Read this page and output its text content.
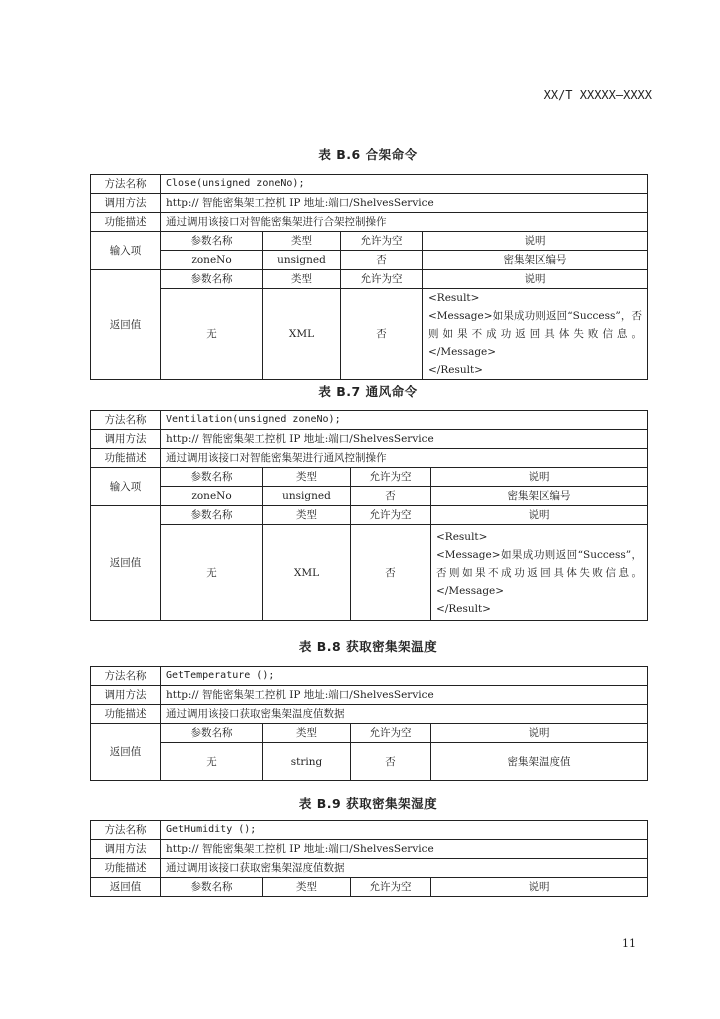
XX/T XXXXX—XXXX
表 B.6 合架命令
方法名称	Close(unsigned zoneNo);			
调用方法	http:// 智能密集架工控机 IP 地址:端口/ShelvesService			
功能描述	通过调用该接口对智能密集架进行合架控制操作			
输入项	参数名称	类型	允许为空	说明
	zoneNo	unsigned	否	密集架区编号
返回值	参数名称	类型	允许为空	说明
	无	XML	否	<Result>
<Message>如果成功则返回“Success”，否则如果不成功返回具体失败信息。</Message>
</Result>
表 B.7 通风命令
方法名称	Ventilation(unsigned zoneNo);			
调用方法	http:// 智能密集架工控机 IP 地址:端口/ShelvesService			
功能描述	通过调用该接口对智能密集架进行通风控制操作			
输入项	参数名称	类型	允许为空	说明
	zoneNo	unsigned	否	密集架区编号
返回值	参数名称	类型	允许为空	说明
	无	XML	否	<Result>
<Message>如果成功则返回“Success”，否则如果不成功返回具体失败信息。</Message>
</Result>
表 B.8 获取密集架温度
方法名称	GetTemperature ();			
调用方法	http:// 智能密集架工控机 IP 地址:端口/ShelvesService			
功能描述	通过调用该接口获取密集架温度值数据			
返回值	参数名称	类型	允许为空	说明
	无	string	否	密集架温度值
表 B.9 获取密集架湿度
方法名称	GetHumidity ();			
调用方法	http:// 智能密集架工控机 IP 地址:端口/ShelvesService			
功能描述	通过调用该接口获取密集架湿度值数据			
返回值	参数名称	类型	允许为空	说明
11
